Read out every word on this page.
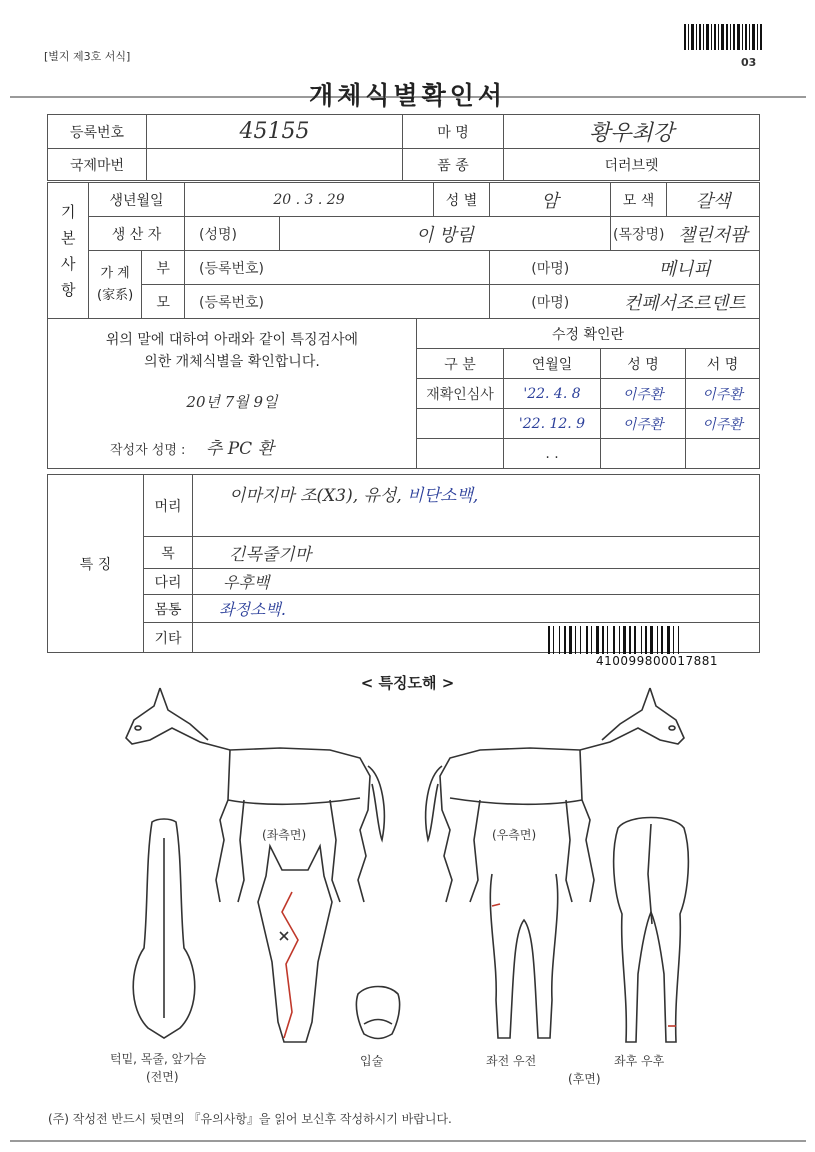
[별지 제3호 서식]	03
개체식별확인서
등록번호	45155	마 명	황우최강
국제마번		품 종	더러브렛
기본사항	생년월일		20 . 3 . 29		성 별	암	모 색	갈색
	생 산 자		(성명)	이 방림			(목장명)	챌린저팜

	가 계
(家系)	부	(등록번호)			(마명)	메니피	
		모	(등록번호)			(마명)	컨페서조르덴트	
위의 말에 대하여 아래와 같이 특징검사에
의한 개체식별을 확인합니다.
20년 7월 9일
작성자 성명 : 추 PC 환	수정 확인란			
	구 분	연월일	성 명	서 명
	재확인심사	'22. 4. 8	이주환	이주환
		'22. 12. 9	이주환	이주환
		. .		
특 징	머리	이마지마 조(X3), 유성, 비단소백,
	목	긴목줄기마
	다리	우후백
	몸통	좌정소백.
	기타	
410099800017881
< 특징도해 >
(좌측면)	(우측면)
턱밑, 목줄, 앞가슴
(전면)
입술	좌전 우전	좌후 우후
(후면)
(주) 작성전 반드시 뒷면의 『유의사항』을 읽어 보신후 작성하시기 바랍니다.
